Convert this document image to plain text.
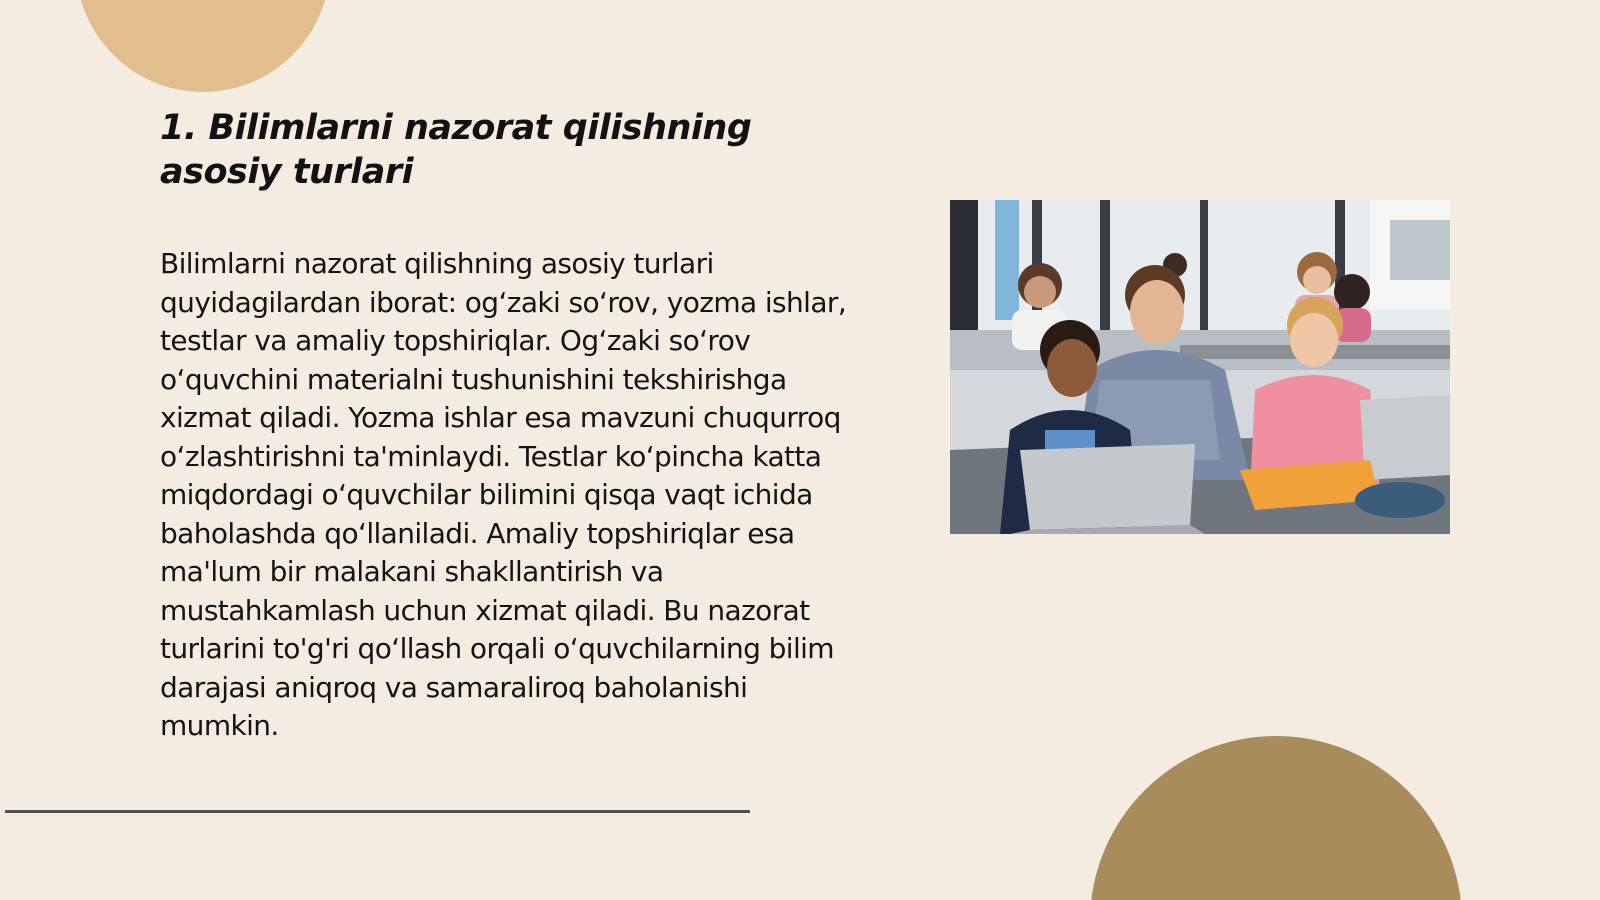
1. Bilimlarni nazorat qilishning asosiy turlari

Bilimlarni nazorat qilishning asosiy turlari quyidagilardan iborat: og‘zaki so‘rov, yozma ishlar, testlar va amaliy topshiriqlar. Og‘zaki so‘rov o‘quvchini materialni tushunishini tekshirishga xizmat qiladi. Yozma ishlar esa mavzuni chuqurroq o‘zlashtirishni ta'minlaydi. Testlar ko‘pincha katta miqdordagi o‘quvchilar bilimini qisqa vaqt ichida baholashda qo‘llaniladi. Amaliy topshiriqlar esa ma'lum bir malakani shakllantirish va mustahkamlash uchun xizmat qiladi. Bu nazorat turlarini to'g'ri qo‘llash orqali o‘quvchilarning bilim darajasi aniqroq va samaraliroq baholanishi mumkin.
